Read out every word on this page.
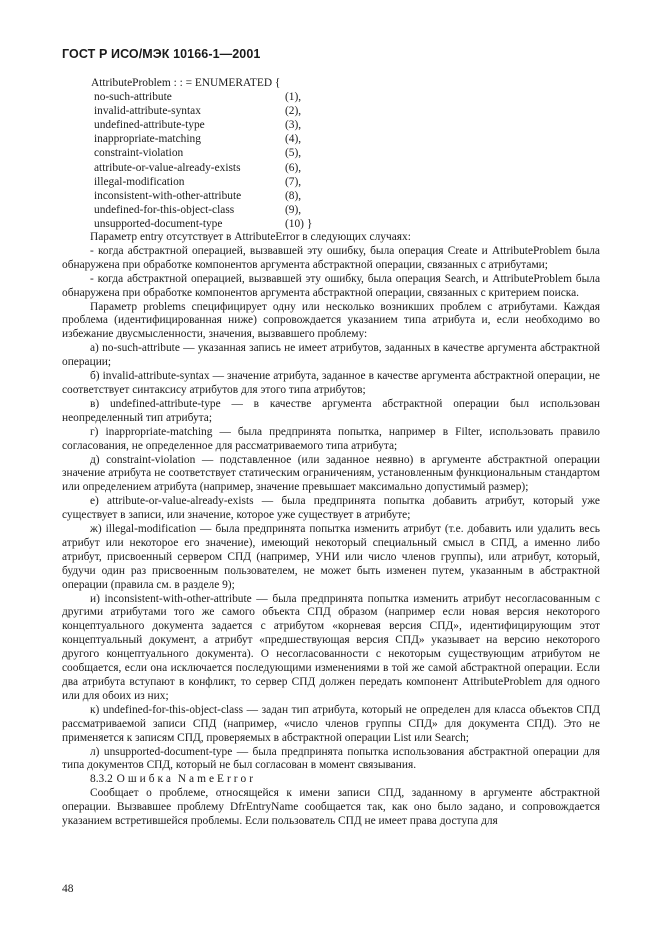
ГОСТ Р ИСО/МЭК 10166-1—2001
AttributeProblem : : = ENUMERATED {
no-such-attribute	(1),
invalid-attribute-syntax	(2),
undefined-attribute-type	(3),
inappropriate-matching	(4),
constraint-violation	(5),
attribute-or-value-already-exists	(6),
illegal-modification	(7),
inconsistent-with-other-attribute	(8),
undefined-for-this-object-class	(9),
unsupported-document-type	(10) }

Параметр entry отсутствует в AttributeError в следующих случаях:

- когда абстрактной операцией, вызвавшей эту ошибку, была операция Create и AttributeProblem была обнаружена при обработке компонентов аргумента абстрактной операции, связанных с атрибутами;

- когда абстрактной операцией, вызвавшей эту ошибку, была операция Search, и AttributeProblem была обнаружена при обработке компонентов аргумента абстрактной операции, связанных с критерием поиска.

Параметр problems специфицирует одну или несколько возникших проблем с атрибутами. Каждая проблема (идентифицированная ниже) сопровождается указанием типа атрибута и, если необходимо во избежание двусмысленности, значения, вызвавшего проблему:

а) no-such-attribute — указанная запись не имеет атрибутов, заданных в качестве аргумента абстрактной операции;

б) invalid-attribute-syntax — значение атрибута, заданное в качестве аргумента абстрактной операции, не соответствует синтаксису атрибутов для этого типа атрибутов;

в) undefined-attribute-type — в качестве аргумента абстрактной операции был использован неопределенный тип атрибута;

г) inappropriate-matching — была предпринята попытка, например в Filter, использовать правило согласования, не определенное для рассматриваемого типа атрибута;

д) constraint-violation — подставленное (или заданное неявно) в аргументе абстрактной операции значение атрибута не соответствует статическим ограничениям, установленным функциональным стандартом или определением атрибута (например, значение превышает максимально допустимый размер);

е) attribute-or-value-already-exists — была предпринята попытка добавить атрибут, который уже существует в записи, или значение, которое уже существует в атрибуте;

ж) illegal-modification — была предпринята попытка изменить атрибут (т.е. добавить или удалить весь атрибут или некоторое его значение), имеющий некоторый специальный смысл в СПД, а именно либо атрибут, присвоенный сервером СПД (например, УНИ или число членов группы), или атрибут, который, будучи один раз присвоенным пользователем, не может быть изменен путем, указанным в абстрактной операции (правила см. в разделе 9);

и) inconsistent-with-other-attribute — была предпринята попытка изменить атрибут несогласованным с другими атрибутами того же самого объекта СПД образом (например если новая версия некоторого концептуального документа задается с атрибутом «корневая версия СПД», идентифицирующим этот концептуальный документ, а атрибут «предшествующая версия СПД» указывает на версию некоторого другого концептуального документа). О несогласованности с некоторым существующим атрибутом не сообщается, если она исключается последующими изменениями в той же самой абстрактной операции. Если два атрибута вступают в конфликт, то сервер СПД должен передать компонент AttributeProblem для одного или для обоих из них;

к) undefined-for-this-object-class — задан тип атрибута, который не определен для класса объектов СПД рассматриваемой записи СПД (например, «число членов группы СПД» для документа СПД). Это не применяется к записям СПД, проверяемых в абстрактной операции List или Search;

л) unsupported-document-type — была предпринята попытка использования абстрактной операции для типа документов СПД, который не был согласован в момент связывания.

8.3.2 Ошибка NameError

Сообщает о проблеме, относящейся к имени записи СПД, заданному в аргументе абстрактной операции. Вызвавшее проблему DfrEntryName сообщается так, как оно было задано, и сопровождается указанием встретившейся проблемы. Если пользователь СПД не имеет права доступа для

48
